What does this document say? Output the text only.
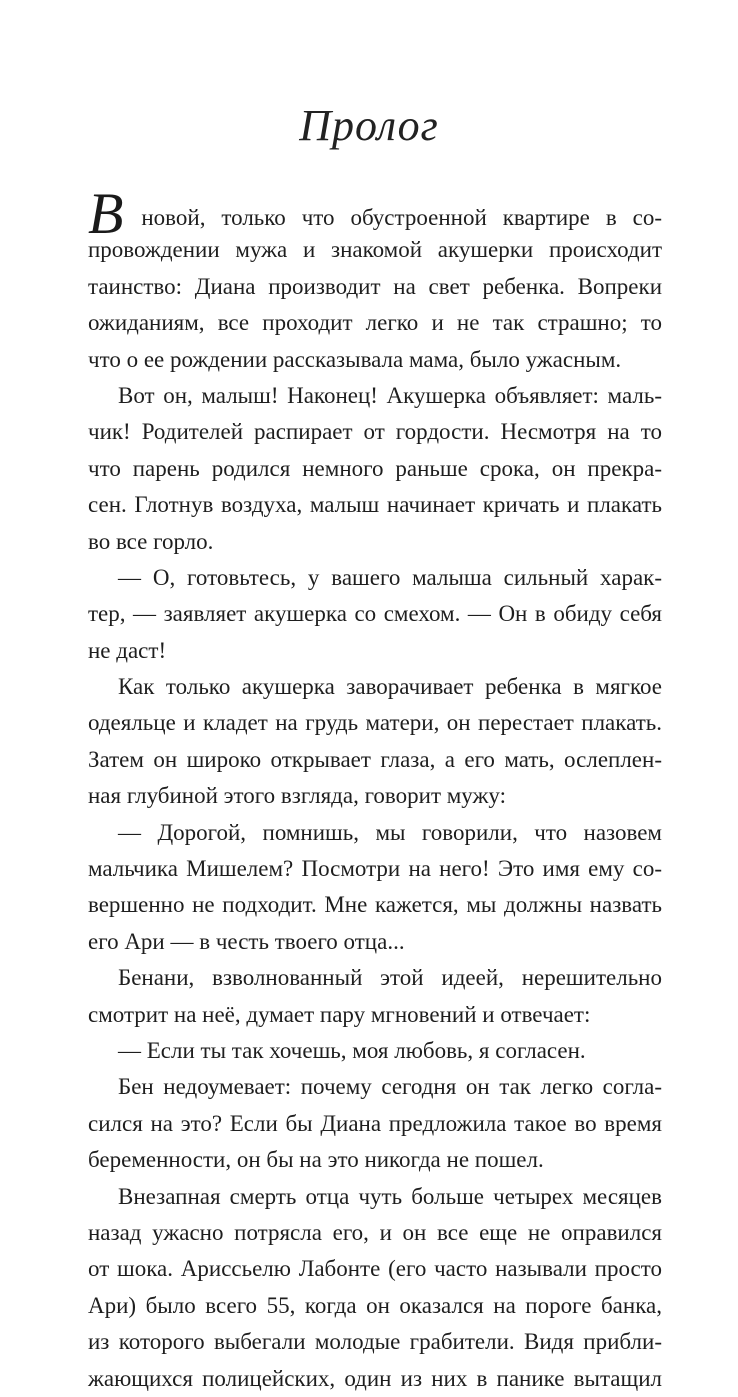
Пролог
В новой, только что обустроенной квартире в со-
провождении мужа и знакомой акушерки происходит
таинство: Диана производит на свет ребенка. Вопреки
ожиданиям, все проходит легко и не так страшно; то
что о ее рождении рассказывала мама, было ужасным.
Вот он, малыш! Наконец! Акушерка объявляет: маль-
чик! Родителей распирает от гордости. Несмотря на то
что парень родился немного раньше срока, он прекра-
сен. Глотнув воздуха, малыш начинает кричать и плакать
во все горло.
— О, готовьтесь, у вашего малыша сильный харак-
тер, — заявляет акушерка со смехом. — Он в обиду себя
не даст!
Как только акушерка заворачивает ребенка в мягкое
одеяльце и кладет на грудь матери, он перестает плакать.
Затем он широко открывает глаза, а его мать, ослеплен-
ная глубиной этого взгляда, говорит мужу:
— Дорогой, помнишь, мы говорили, что назовем
мальчика Мишелем? Посмотри на него! Это имя ему со-
вершенно не подходит. Мне кажется, мы должны назвать
его Ари — в честь твоего отца...
Бенани, взволнованный этой идеей, нерешительно
смотрит на неё, думает пару мгновений и отвечает:
— Если ты так хочешь, моя любовь, я согласен.
Бен недоумевает: почему сегодня он так легко согла-
сился на это? Если бы Диана предложила такое во время
беременности, он бы на это никогда не пошел.
Внезапная смерть отца чуть больше четырех месяцев
назад ужасно потрясла его, и он все еще не оправился
от шока. Ариссьелю Лабонте (его часто называли просто
Ари) было всего 55, когда он оказался на пороге банка,
из которого выбегали молодые грабители. Видя прибли-
жающихся полицейских, один из них в панике вытащил
